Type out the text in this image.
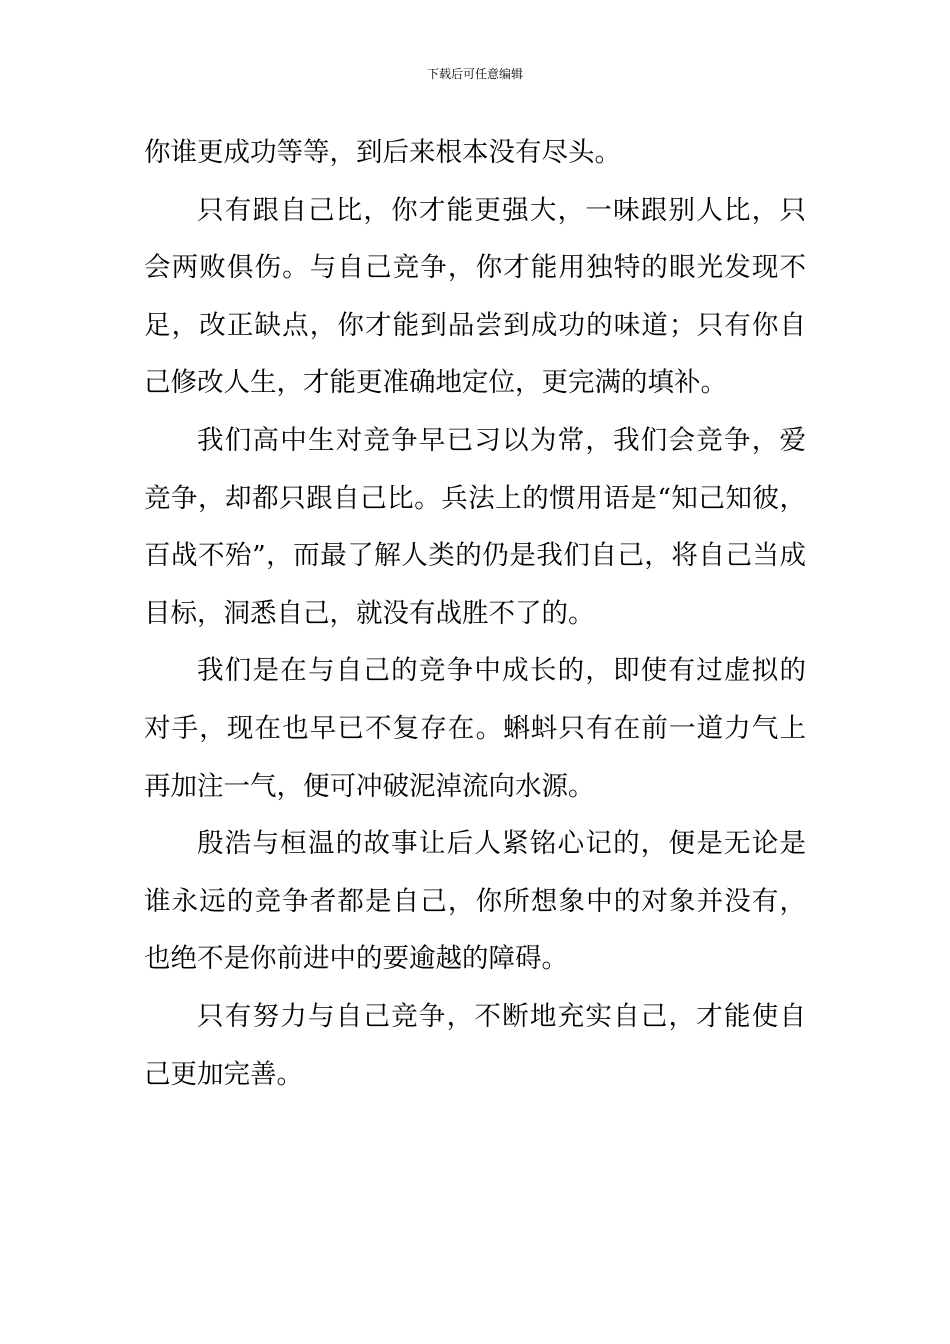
下载后可任意编辑

你谁更成功等等，到后来根本没有尽头。

只有跟自己比，你才能更强大，一味跟别人比，只会两败俱伤。与自己竞争，你才能用独特的眼光发现不足，改正缺点，你才能到品尝到成功的味道；只有你自己修改人生，才能更准确地定位，更完满的填补。

我们高中生对竞争早已习以为常，我们会竞争，爱竞争，却都只跟自己比。兵法上的惯用语是“知己知彼，百战不殆”，而最了解人类的仍是我们自己，将自己当成目标，洞悉自己，就没有战胜不了的。

我们是在与自己的竞争中成长的，即使有过虚拟的对手，现在也早已不复存在。蝌蚪只有在前一道力气上再加注一气，便可冲破泥淖流向水源。

殷浩与桓温的故事让后人紧铭心记的，便是无论是谁永远的竞争者都是自己，你所想象中的对象并没有，也绝不是你前进中的要逾越的障碍。

只有努力与自己竞争，不断地充实自己，才能使自己更加完善。
